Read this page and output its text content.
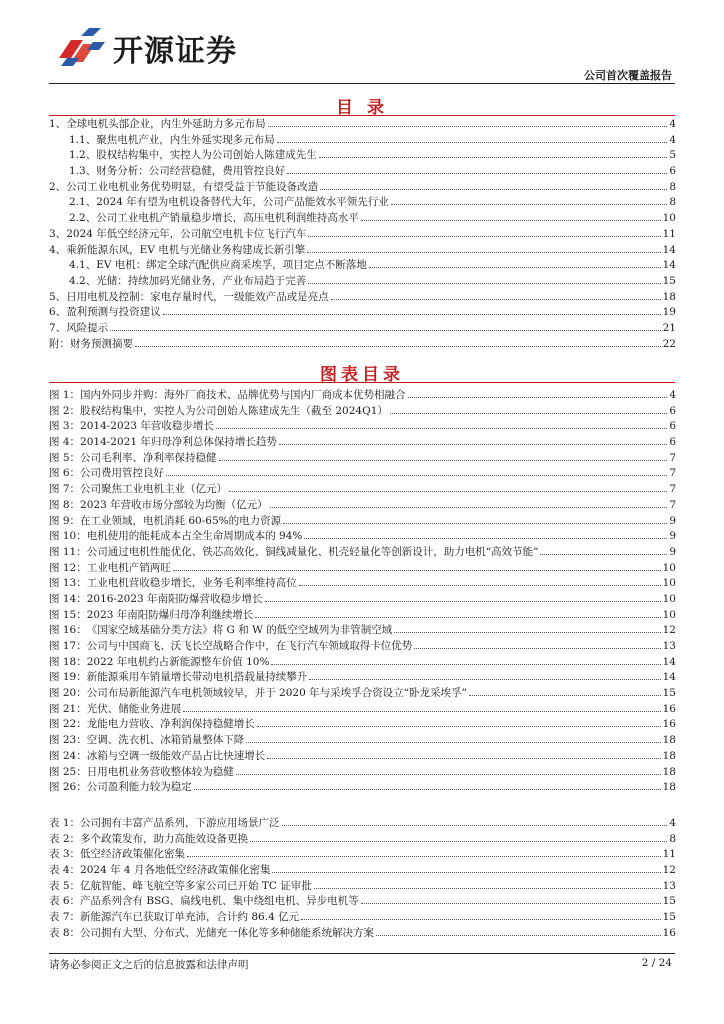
开源证券
公司首次覆盖报告
目 录
1、 全球电机头部企业，内生外延助力多元布局	4
1.1、 聚焦电机产业，内生外延实现多元布局	4
1.2、 股权结构集中，实控人为公司创始人陈建成先生	5
1.3、 财务分析：公司经营稳健，费用管控良好	6
2、 公司工业电机业务优势明显，有望受益于节能设备改造	8
2.1、 2024 年有望为电机设备替代大年，公司产品能效水平领先行业	8
2.2、 公司工业电机产销量稳步增长，高压电机利润维持高水平	10
3、 2024 年低空经济元年，公司航空电机卡位飞行汽车	11
4、 乘新能源东风，EV 电机与光储业务构建成长新引擎	14
4.1、 EV 电机：绑定全球汽配供应商采埃孚，项目定点不断落地	14
4.2、 光储：持续加码光储业务，产业布局趋于完善	15
5、 日用电机及控制：家电存量时代，一级能效产品或是亮点	18
6、 盈利预测与投资建议	19
7、 风险提示	21
附： 财务预测摘要	22
图表目录
图 1： 国内外同步并购：海外厂商技术、品牌优势与国内厂商成本优势相融合	4
图 2： 股权结构集中，实控人为公司创始人陈建成先生（截至 2024Q1）	6
图 3： 2014-2023 年营收稳步增长	6
图 4： 2014-2021 年归母净利总体保持增长趋势	6
图 5： 公司毛利率、净利率保持稳健	7
图 6： 公司费用管控良好	7
图 7： 公司聚焦工业电机主业（亿元）	7
图 8： 2023 年营收市场分部较为均衡（亿元）	7
图 9： 在工业领域，电机消耗 60-65%的电力资源	9
图 10： 电机使用的能耗成本占全生命周期成本的 94%	9
图 11： 公司通过电机性能优化、铁芯高效化、铜线减量化、机壳轻量化等创新设计，助力电机“高效节能”	9
图 12： 工业电机产销两旺	10
图 13： 工业电机营收稳步增长，业务毛利率维持高位	10
图 14： 2016-2023 年南阳防爆营收稳步增长	10
图 15： 2023 年南阳防爆归母净利继续增长	10
图 16： 《国家空域基础分类方法》将 G 和 W 的低空空域列为非管制空域	12
图 17： 公司与中国商飞、沃飞长空战略合作中，在飞行汽车领域取得卡位优势	13
图 18： 2022 年电机约占新能源整车价值 10%	14
图 19： 新能源乘用车销量增长带动电机搭载量持续攀升	14
图 20： 公司布局新能源汽车电机领域较早，并于 2020 年与采埃孚合资设立“卧龙采埃孚”	15
图 21： 光伏、储能业务进展	16
图 22： 龙能电力营收、净利润保持稳健增长	16
图 23： 空调、洗衣机、冰箱销量整体下降	18
图 24： 冰箱与空调一级能效产品占比快速增长	18
图 25： 日用电机业务营收整体较为稳健	18
图 26： 公司盈利能力较为稳定	18
表 1： 公司拥有丰富产品系列，下游应用场景广泛	4
表 2： 多个政策发布，助力高能效设备更换	8
表 3： 低空经济政策催化密集	11
表 4： 2024 年 4 月各地低空经济政策催化密集	12
表 5： 亿航智能、峰飞航空等多家公司已开始 TC 证审批	13
表 6： 产品系列含有 BSG、扁线电机、集中绕组电机、异步电机等	15
表 7： 新能源汽车已获取订单充沛，合计约 86.4 亿元	15
表 8： 公司拥有大型、分布式、光储充一体化等多种储能系统解决方案	16
请务必参阅正文之后的信息披露和法律声明	2 / 24
